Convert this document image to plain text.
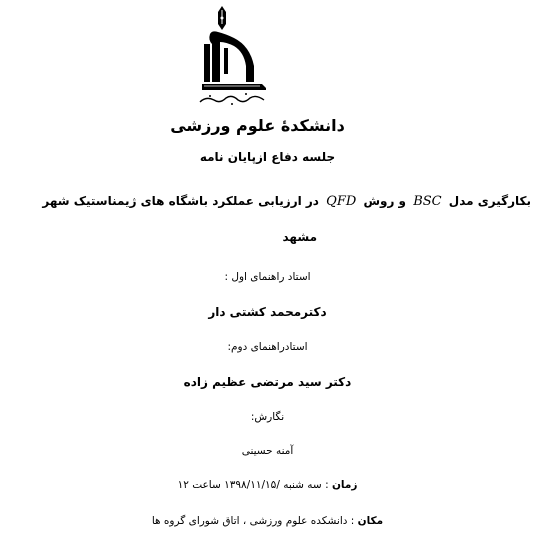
دانشکدۀ علوم ورزشی
جلسه دفاع ازپایان نامه
بکارگیری مدل BSC و روش QFD در ارزیابی عملکرد باشگاه های ژیمناستیک شهر
مشهد
استاد راهنمای اول :
دکترمحمد کشتی دار
استادراهنمای دوم:
دکتر سید مرتضی عظیم زاده
نگارش:
آمنه حسینی
زمان : سه شنبه /۱۳۹۸/۱۱/۱۵ ساعت ۱۲
مکان : دانشکده علوم ورزشی ، اتاق شورای گروه ها
